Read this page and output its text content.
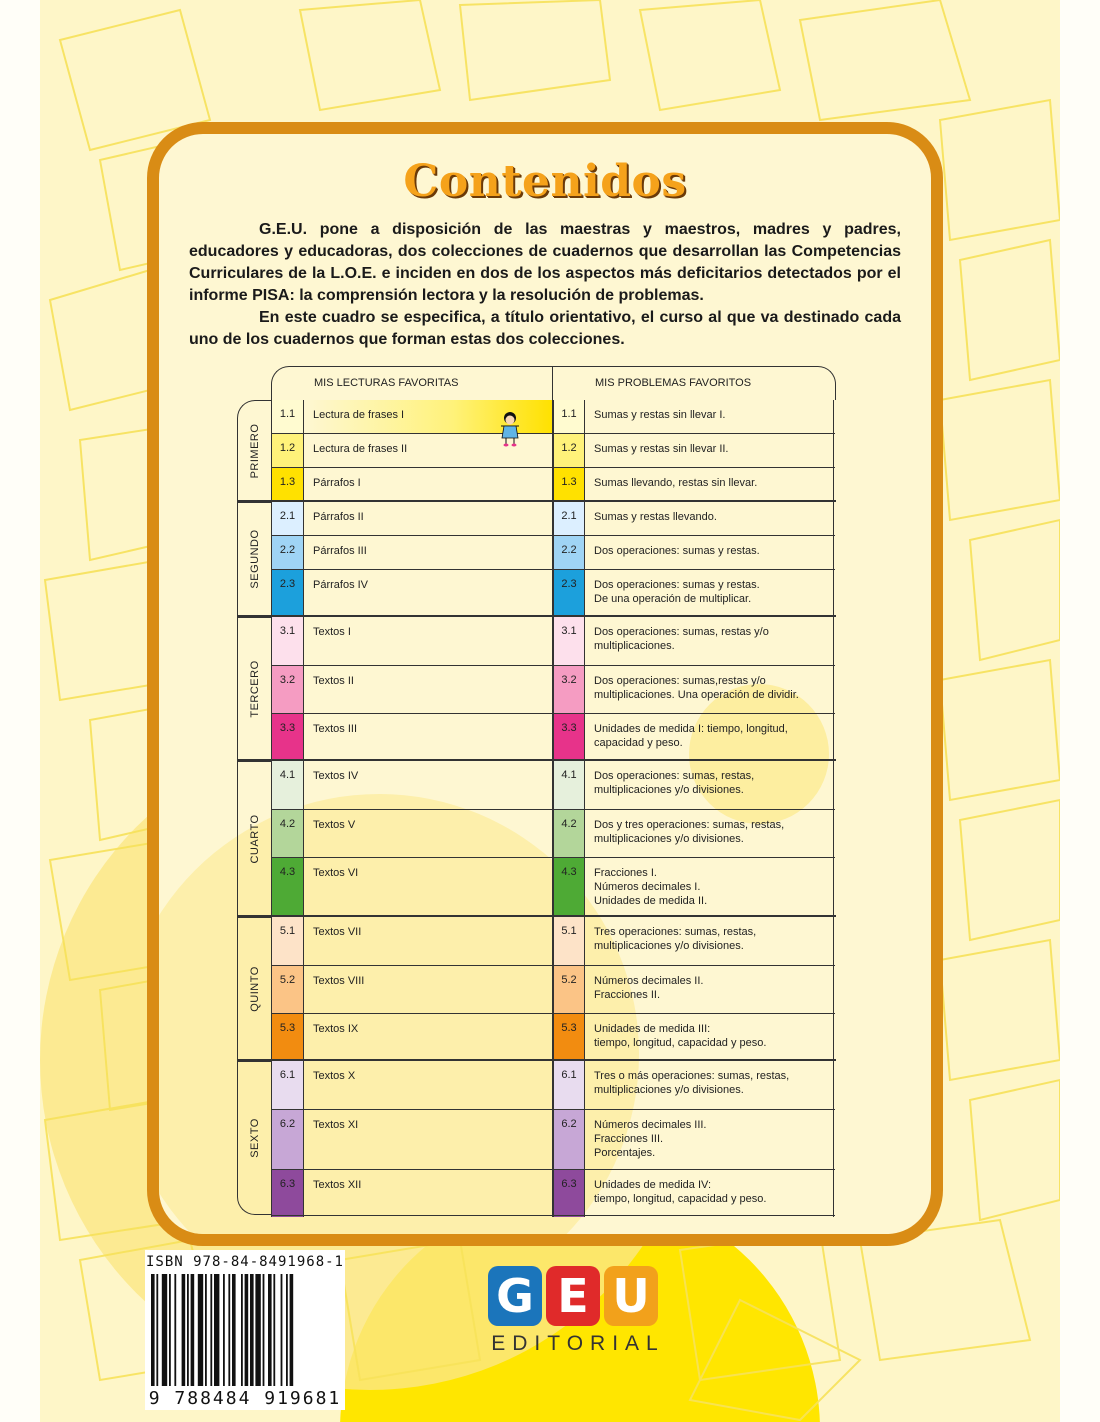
Contenidos

G.E.U. pone a disposición de las maestras y maestros, madres y padres, educadores y educadoras, dos colecciones de cuadernos que desarrollan las Competencias Curriculares de la L.O.E. e inciden en dos de los aspectos más deficitarios detectados por el informe PISA: la comprensión lectora y la resolución de problemas.

En este cuadro se especifica, a título orientativo, el curso al que va destinado cada uno de los cuadernos que forman estas dos colecciones.

MIS LECTURAS FAVORITAS	MIS PROBLEMAS FAVORITOS
PRIMERO
1.1	Lectura de frases I	1.1	Sumas y restas sin llevar I.
1.2	Lectura de frases II	1.2	Sumas y restas sin llevar II.
1.3	Párrafos I	1.3	Sumas llevando, restas sin llevar.
SEGUNDO
2.1	Párrafos II	2.1	Sumas y restas llevando.
2.2	Párrafos III	2.2	Dos operaciones: sumas y restas.
2.3	Párrafos IV	2.3	Dos operaciones: sumas y restas.
De una operación de multiplicar.
TERCERO
3.1	Textos I	3.1	Dos operaciones: sumas, restas y/o
multiplicaciones.
3.2	Textos II	3.2	Dos operaciones: sumas,restas y/o
multiplicaciones. Una operación de dividir.
3.3	Textos III	3.3	Unidades de medida I: tiempo, longitud,
capacidad y peso.
CUARTO
4.1	Textos IV	4.1	Dos operaciones: sumas, restas,
multiplicaciones y/o divisiones.
4.2	Textos V	4.2	Dos y tres operaciones: sumas, restas,
multiplicaciones y/o divisiones.
4.3	Textos VI	4.3	Fracciones I.
Números decimales I.
Unidades de medida II.
QUINTO
5.1	Textos VII	5.1	Tres operaciones: sumas, restas,
multiplicaciones y/o divisiones.
5.2	Textos VIII	5.2	Números decimales II.
Fracciones II.
5.3	Textos IX	5.3	Unidades de medida III:
tiempo, longitud, capacidad y peso.
SEXTO
6.1	Textos X	6.1	Tres o más operaciones: sumas, restas,
multiplicaciones y/o divisiones.
6.2	Textos XI	6.2	Números decimales III.
Fracciones III.
Porcentajes.
6.3	Textos XII	6.3	Unidades de medida IV:
tiempo, longitud, capacidad y peso.
ISBN 978-84-8491968-1
9 788484 919681
G E U
EDITORIAL
